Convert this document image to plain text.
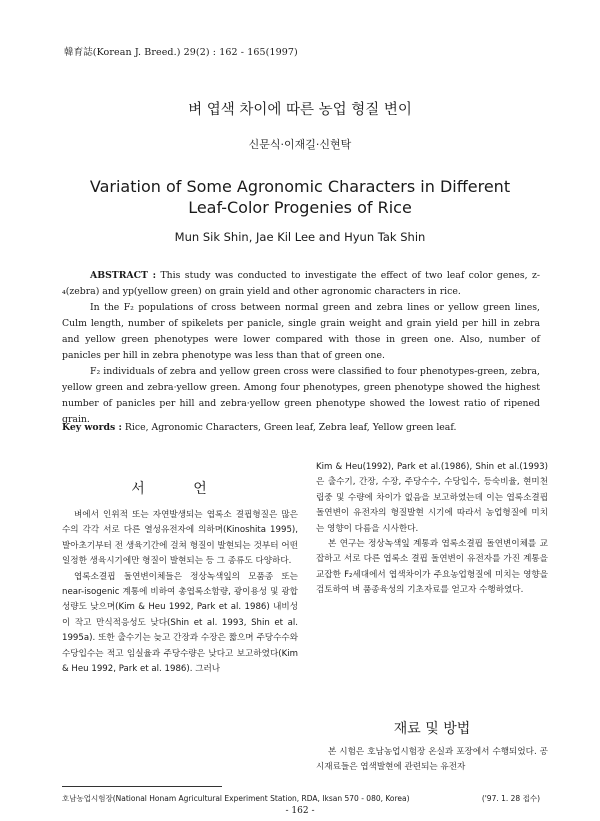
韓育誌(Korean J. Breed.) 29(2) : 162 - 165(1997)
벼 엽색 차이에 따른 농업 형질 변이
신문식·이재길·신현탁
Variation of Some Agronomic Characters in Different
Leaf-Color Progenies of Rice
Mun Sik Shin, Jae Kil Lee and Hyun Tak Shin

ABSTRACT : This study was conducted to investigate the effect of two leaf color genes, z-₄(zebra) and yp(yellow green) on grain yield and other agronomic characters in rice.

In the F₂ populations of cross between normal green and zebra lines or yellow green lines, Culm length, number of spikelets per panicle, single grain weight and grain yield per hill in zebra and yellow green phenotypes were lower compared with those in green one. Also, number of panicles per hill in zebra phenotype was less than that of green one.

F₂ individuals of zebra and yellow green cross were classified to four phenotypes-green, zebra, yellow green and zebra·yellow green. Among four phenotypes, green phenotype showed the highest number of panicles per hill and zebra·yellow green phenotype showed the lowest ratio of ripened grain.

Key words : Rice, Agronomic Characters, Green leaf, Zebra leaf, Yellow green leaf.
서 언

벼에서 인위적 또는 자연발생되는 엽록소 결핍형질은 많은 수의 각각 서로 다른 열성유전자에 의하며(Kinoshita 1995), 발아초기부터 전 생육기간에 걸쳐 형질이 발현되는 것부터 어떤 일정한 생육시기에만 형질이 발현되는 등 그 종류도 다양하다.

엽록소결핍 돌연변이체들은 정상녹색잎의 모품종 또는 near-isogenic 계통에 비하여 총엽록소함량, 광이용성 및 광합성량도 낮으며(Kim & Heu 1992, Park et al. 1986) 내비성이 작고 만식적응성도 낮다(Shin et al. 1993, Shin et al. 1995a). 또한 출수기는 늦고 간장과 수장은 짧으며 주당수수와 수당입수는 적고 임실율과 주당수량은 낮다고 보고하였다(Kim & Heu 1992, Park et al. 1986). 그러나

Kim & Heu(1992), Park et al.(1986), Shin et al.(1993)은 출수기, 간장, 수장, 주당수수, 수당입수, 등숙비율, 현미천립중 및 수량에 차이가 없음을 보고하였는데 이는 엽록소결핍 돌연변이 유전자의 형질발현 시기에 따라서 농업형질에 미치는 영향이 다름을 시사한다.

본 연구는 정상녹색잎 계통과 엽록소결핍 돌연변이체를 교잡하고 서로 다른 엽록소 결핍 돌연변이 유전자를 가진 계통을 교잡한 F₂세대에서 엽색차이가 주요농업형질에 미치는 영향을 검토하여 벼 품종육성의 기초자료를 얻고자 수행하였다.

재료 및 방법

본 시험은 호남농업시험장 온실과 포장에서 수행되었다. 공시재료들은 엽색발현에 관련되는 유전자

호남농업시험장(National Honam Agricultural Experiment Station, RDA, Iksan 570 - 080, Korea)	('97. 1. 28 접수)
- 162 -
